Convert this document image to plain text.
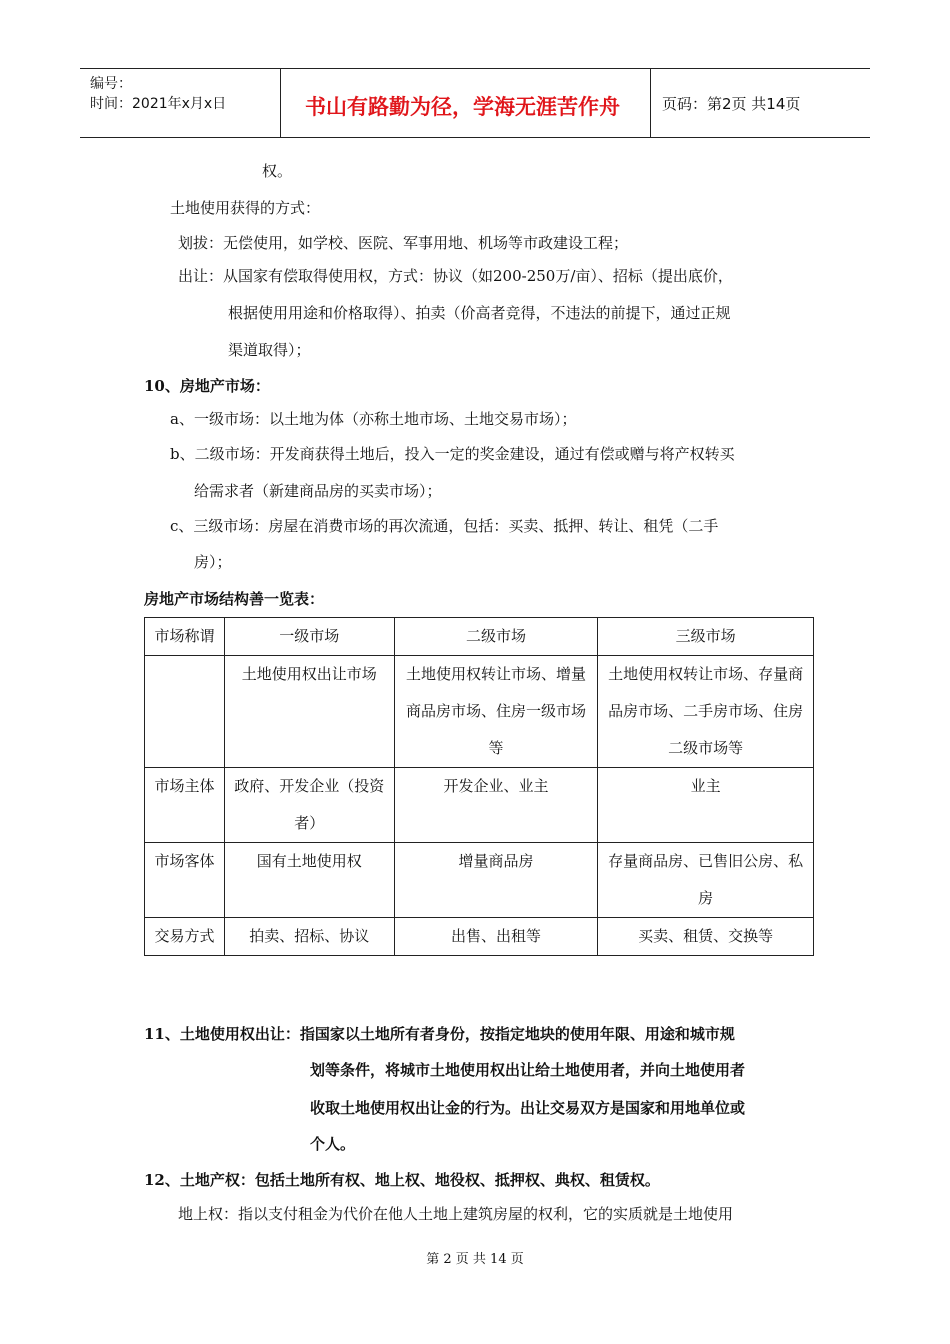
编号：
时间：2021年x月x日	书山有路勤为径，学海无涯苦作舟	页码：第2页 共14页
权。
土地使用获得的方式：
划拔：无偿使用，如学校、医院、军事用地、机场等市政建设工程；
出让：从国家有偿取得使用权，方式：协议（如200-250万/亩）、招标（提出底价，
根据使用用途和价格取得）、拍卖（价高者竞得，不违法的前提下，通过正规
渠道取得）；
10、房地产市场：
a、一级市场：以土地为体（亦称土地市场、土地交易市场）；
b、二级市场：开发商获得土地后，投入一定的奖金建设，通过有偿或赠与将产权转买
给需求者（新建商品房的买卖市场）；
c、三级市场：房屋在消费市场的再次流通，包括：买卖、抵押、转让、租凭（二手
房）；
房地产市场结构善一览表：
市场称谓	一级市场	二级市场	三级市场
	土地使用权出让市场	土地使用权转让市场、增量商品房市场、住房一级市场等	土地使用权转让市场、存量商品房市场、二手房市场、住房二级市场等
市场主体	政府、开发企业（投资者）	开发企业、业主	业主
市场客体	国有土地使用权	增量商品房	存量商品房、已售旧公房、私房
交易方式	拍卖、招标、协议	出售、出租等	买卖、租赁、交换等
11、土地使用权出让：指国家以土地所有者身份，按指定地块的使用年限、用途和城市规
划等条件，将城市土地使用权出让给土地使用者，并向土地使用者
收取土地使用权出让金的行为。出让交易双方是国家和用地单位或
个人。
12、土地产权：包括土地所有权、地上权、地役权、抵押权、典权、租赁权。
地上权：指以支付租金为代价在他人土地上建筑房屋的权利，它的实质就是土地使用
第 2 页 共 14 页
